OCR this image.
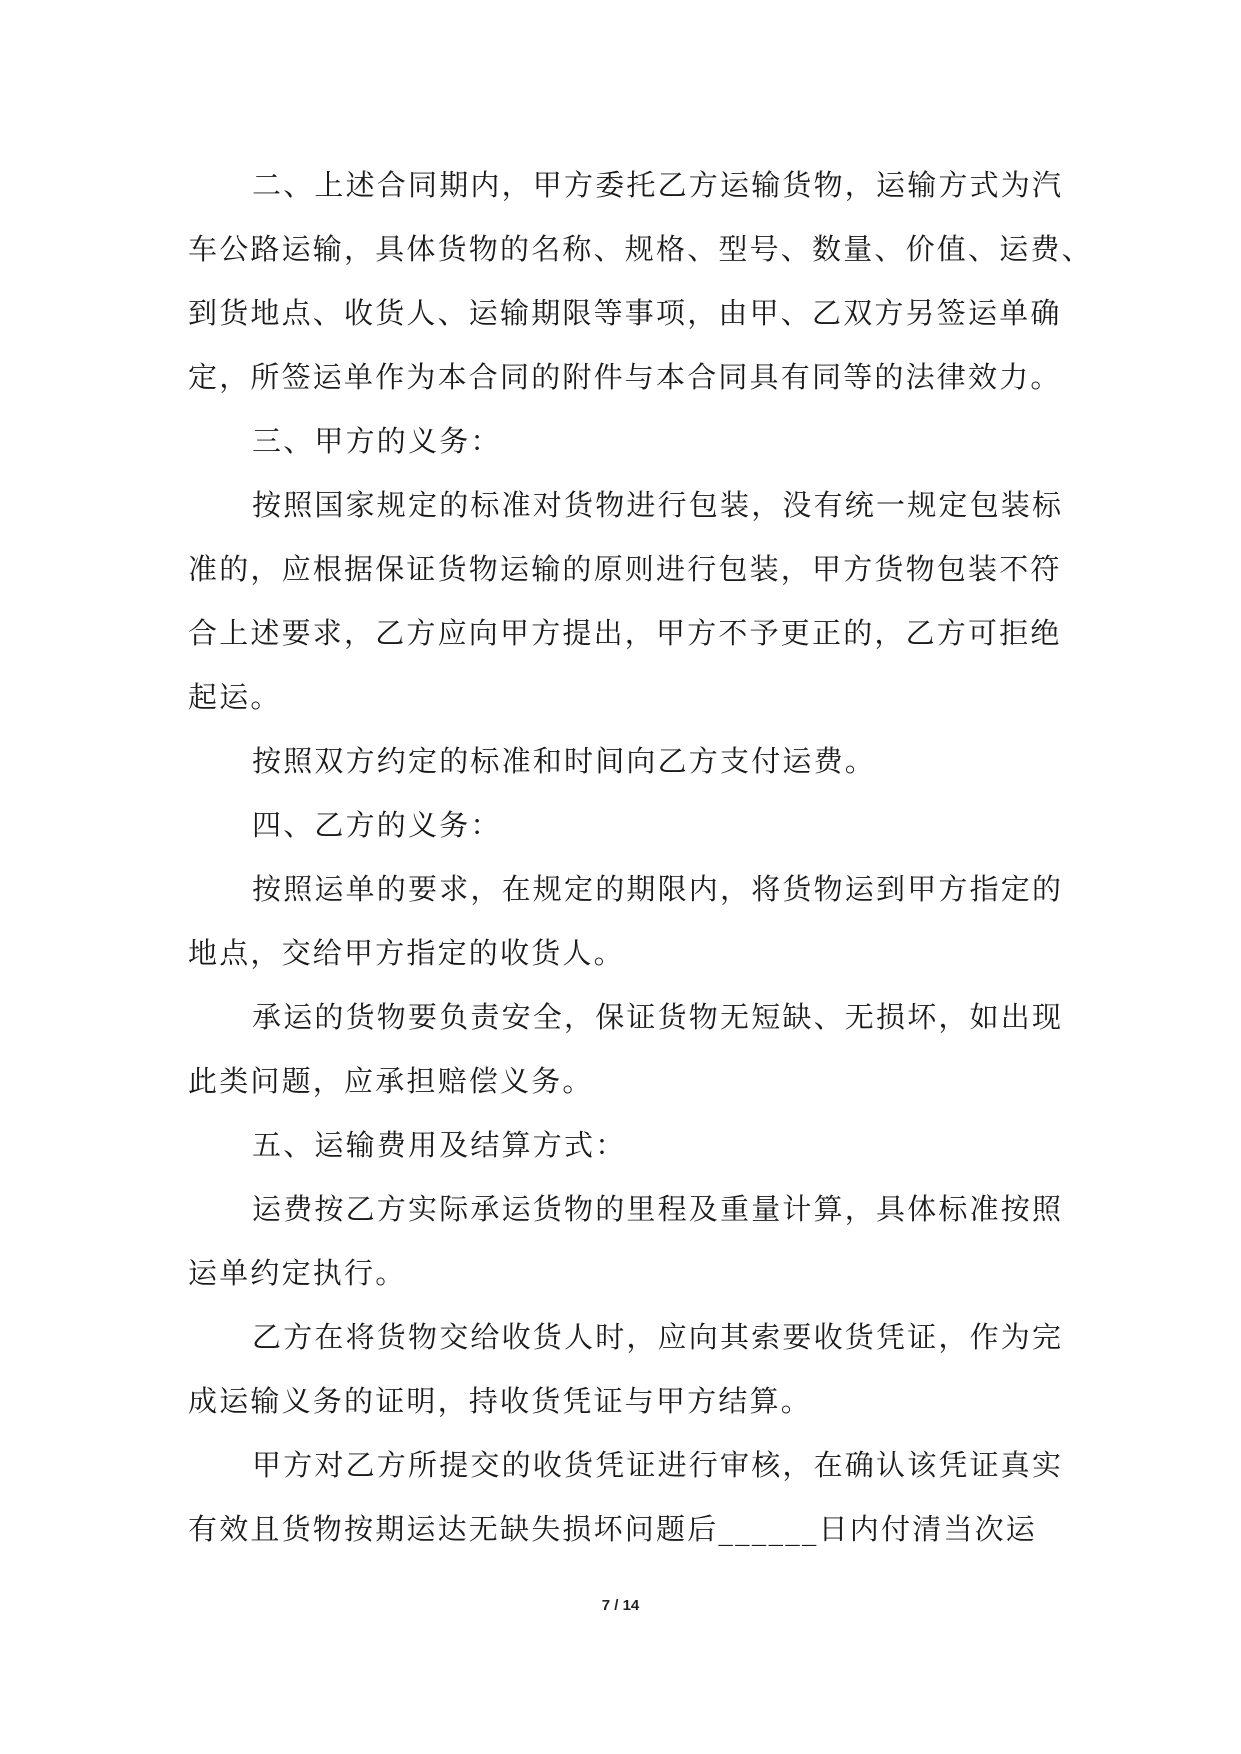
二、上述合同期内，甲方委托乙方运输货物，运输方式为汽

车公路运输，具体货物的名称、规格、型号、数量、价值、运费、

到货地点、收货人、运输期限等事项，由甲、乙双方另签运单确

定，所签运单作为本合同的附件与本合同具有同等的法律效力。

三、甲方的义务：

按照国家规定的标准对货物进行包装，没有统一规定包装标

准的，应根据保证货物运输的原则进行包装，甲方货物包装不符

合上述要求，乙方应向甲方提出，甲方不予更正的，乙方可拒绝

起运。

按照双方约定的标准和时间向乙方支付运费。

四、乙方的义务：

按照运单的要求，在规定的期限内，将货物运到甲方指定的

地点，交给甲方指定的收货人。

承运的货物要负责安全，保证货物无短缺、无损坏，如出现

此类问题，应承担赔偿义务。

五、运输费用及结算方式：

运费按乙方实际承运货物的里程及重量计算，具体标准按照

运单约定执行。

乙方在将货物交给收货人时，应向其索要收货凭证，作为完

成运输义务的证明，持收货凭证与甲方结算。

甲方对乙方所提交的收货凭证进行审核，在确认该凭证真实

有效且货物按期运达无缺失损坏问题后______日内付清当次运

7 / 14
